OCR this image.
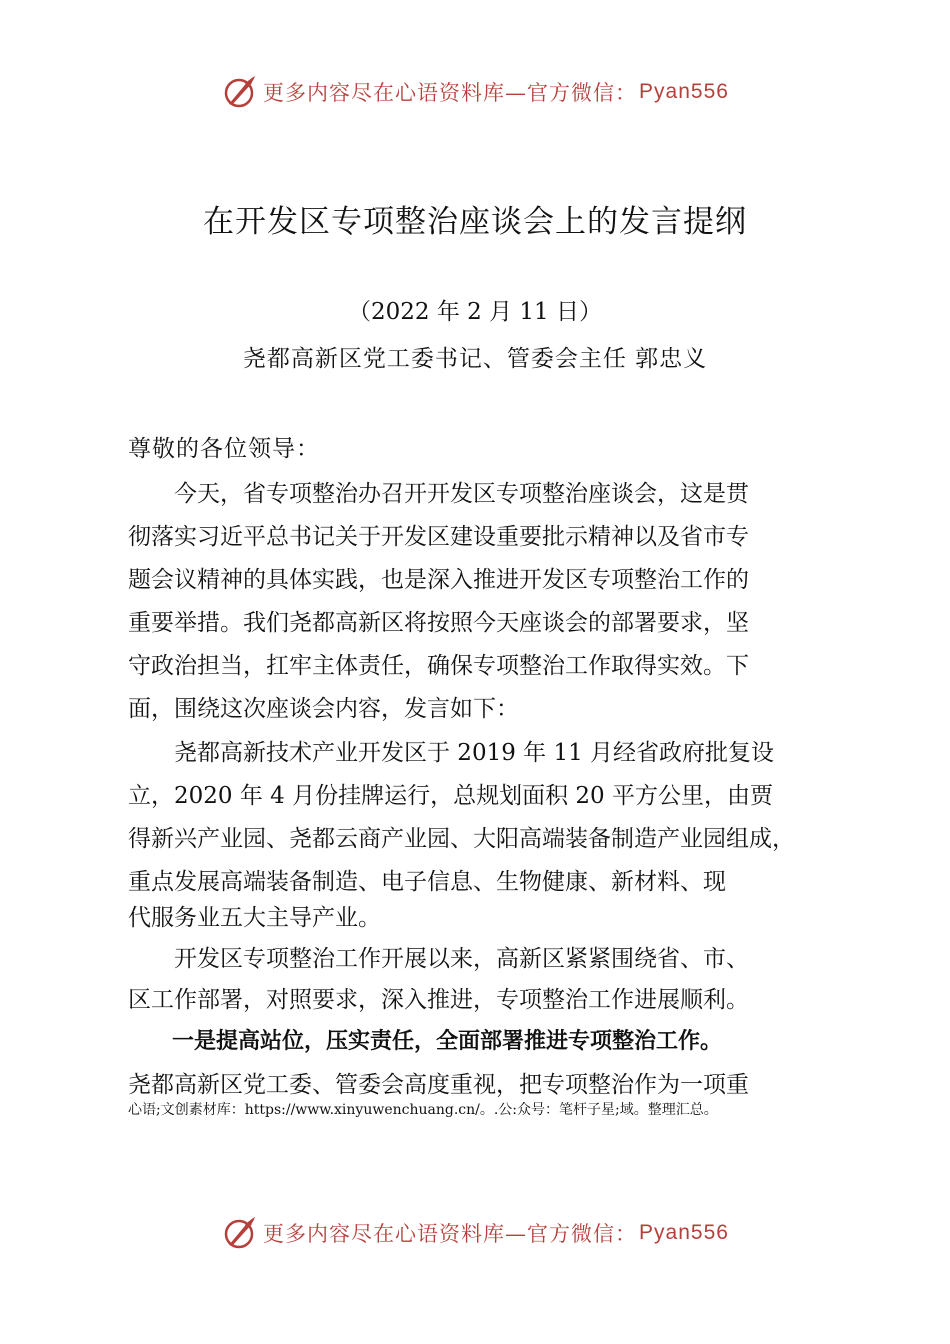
更多内容尽在心语资料库—官方微信： Pyan556
在开发区专项整治座谈会上的发言提纲
（2022 年 2 月 11 日）
尧都高新区党工委书记、管委会主任 郭忠义
尊敬的各位领导：
　　今天，省专项整治办召开开发区专项整治座谈会，这是贯
彻落实习近平总书记关于开发区建设重要批示精神以及省市专
题会议精神的具体实践，也是深入推进开发区专项整治工作的
重要举措。我们尧都高新区将按照今天座谈会的部署要求，坚
守政治担当，扛牢主体责任，确保专项整治工作取得实效。下
面，围绕这次座谈会内容，发言如下：
　　尧都高新技术产业开发区于 2019 年 11 月经省政府批复设
立，2020 年 4 月份挂牌运行，总规划面积 20 平方公里，由贾
得新兴产业园、尧都云商产业园、大阳高端装备制造产业园组成，
重点发展高端装备制造、电子信息、生物健康、新材料、现
代服务业五大主导产业。
　　开发区专项整治工作开展以来，高新区紧紧围绕省、市、
区工作部署，对照要求，深入推进，专项整治工作进展顺利。
　　一是提高站位，压实责任，全面部署推进专项整治工作。
尧都高新区党工委、管委会高度重视，把专项整治作为一项重
心语;文创素材库：https://www.xinyuwenchuang.cn/。.公:众号：笔杆子星;域。整理汇总。
更多内容尽在心语资料库—官方微信： Pyan556
